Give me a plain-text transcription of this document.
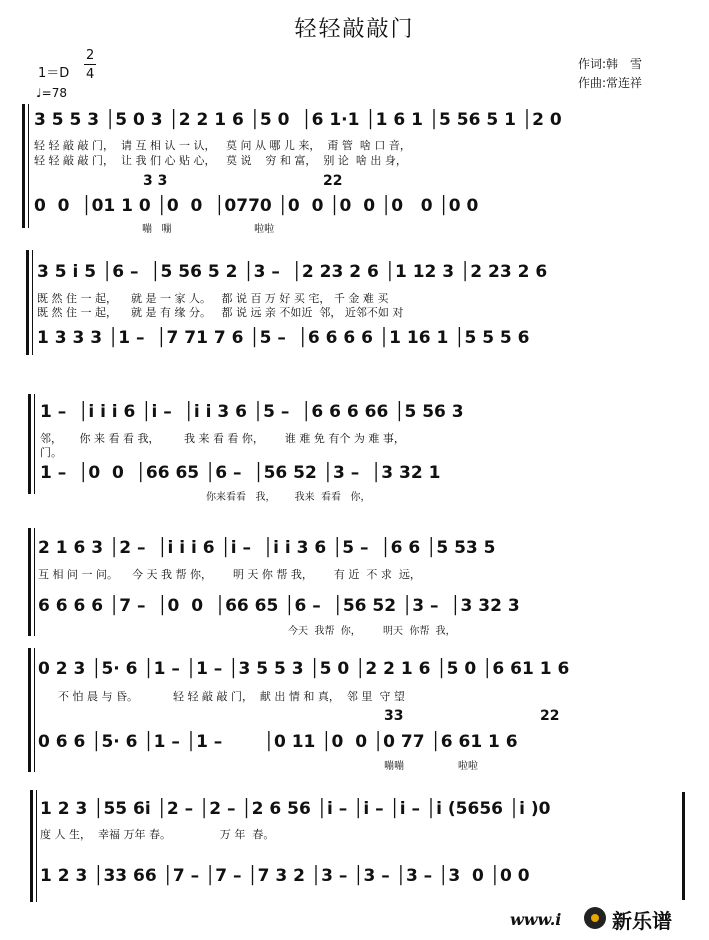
轻轻敲敲门
1＝D
2
4
♩=78
作词:韩　雪
作曲:常连祥
3 5 5 3 │5 0 3 │2 2 1 6 │5 0  │6 1·1 │1 6 1 │5 56 5 1 │2 0
轻 轻 敲 敲 门，  请 互 相 认 一 认，   莫 问 从 哪 儿 来，  甭 管  啥 口 音，
轻 轻 敲 敲 门，  让 我 们 心 贴 心，   莫 说    穷 和 富，  别 论  啥 出 身，
3 3	22
0  0  │01 1 0 │0  0  │0770 │0  0 │0  0 │0   0 │0 0
嘣   嘣                          啦啦
3 5 i 5 │6 –  │5 56 5 2 │3 –  │2 23 2 6 │1 12 3 │2 23 2 6
既 然 住 一 起，    就 是 一 家 人。   都 说 百 万 好 买 宅， 千 金 难 买
既 然 住 一 起，    就 是 有 缘 分。   都 说 远 亲 不如近  邻， 近邻不如 对
1 3 3 3 │1 –  │7 71 7 6 │5 –  │6 6 6 6 │1 16 1 │5 5 5 6
1 –  │i i i 6 │i –  │i i 3 6 │5 –  │6 6 6 66 │5 56 3
邻，     你 来 看 看 我，       我 来 看 看 你，      谁 难 免 有个 为 难 事，
门。
1 –  │0  0  │66 65 │6 –  │56 52 │3 –  │3 32 1
你来看看   我，      我来  看看   你，
2 1 6 3 │2 –  │i i i 6 │i –  │i i 3 6 │5 –  │6 6 │5 53 5
互 相 问 一 问。    今 天 我 帮 你，      明 天 你 帮 我，      有 近  不 求  远，
6 6 6 6 │7 –  │0  0  │66 65 │6 –  │56 52 │3 –  │3 32 3
今天  我帮  你，       明天  你帮  我，
0 2 3 │5· 6 │1 – │1 – │3 5 5 3 │5 0 │2 2 1 6 │5 0 │6 61 1 6
不 怕 晨 与 昏。          轻 轻 敲 敲 门，  献 出 情 和 真，  邻 里  守 望
33	22
0 6 6 │5· 6 │1 – │1 –       │0 11 │0  0 │0 77 │6 61 1 6
嘣嘣                 啦啦
1 2 3 │55 6i │2 – │2 – │2 6 56 │i – │i – │i – │i (5656 │i )0
度 人 生，  幸福 万年 春。              万 年  春。
1 2 3 │33 66 │7 – │7 – │7 3 2 │3 – │3 – │3 – │3  0 │0 0
www.i	新乐谱
